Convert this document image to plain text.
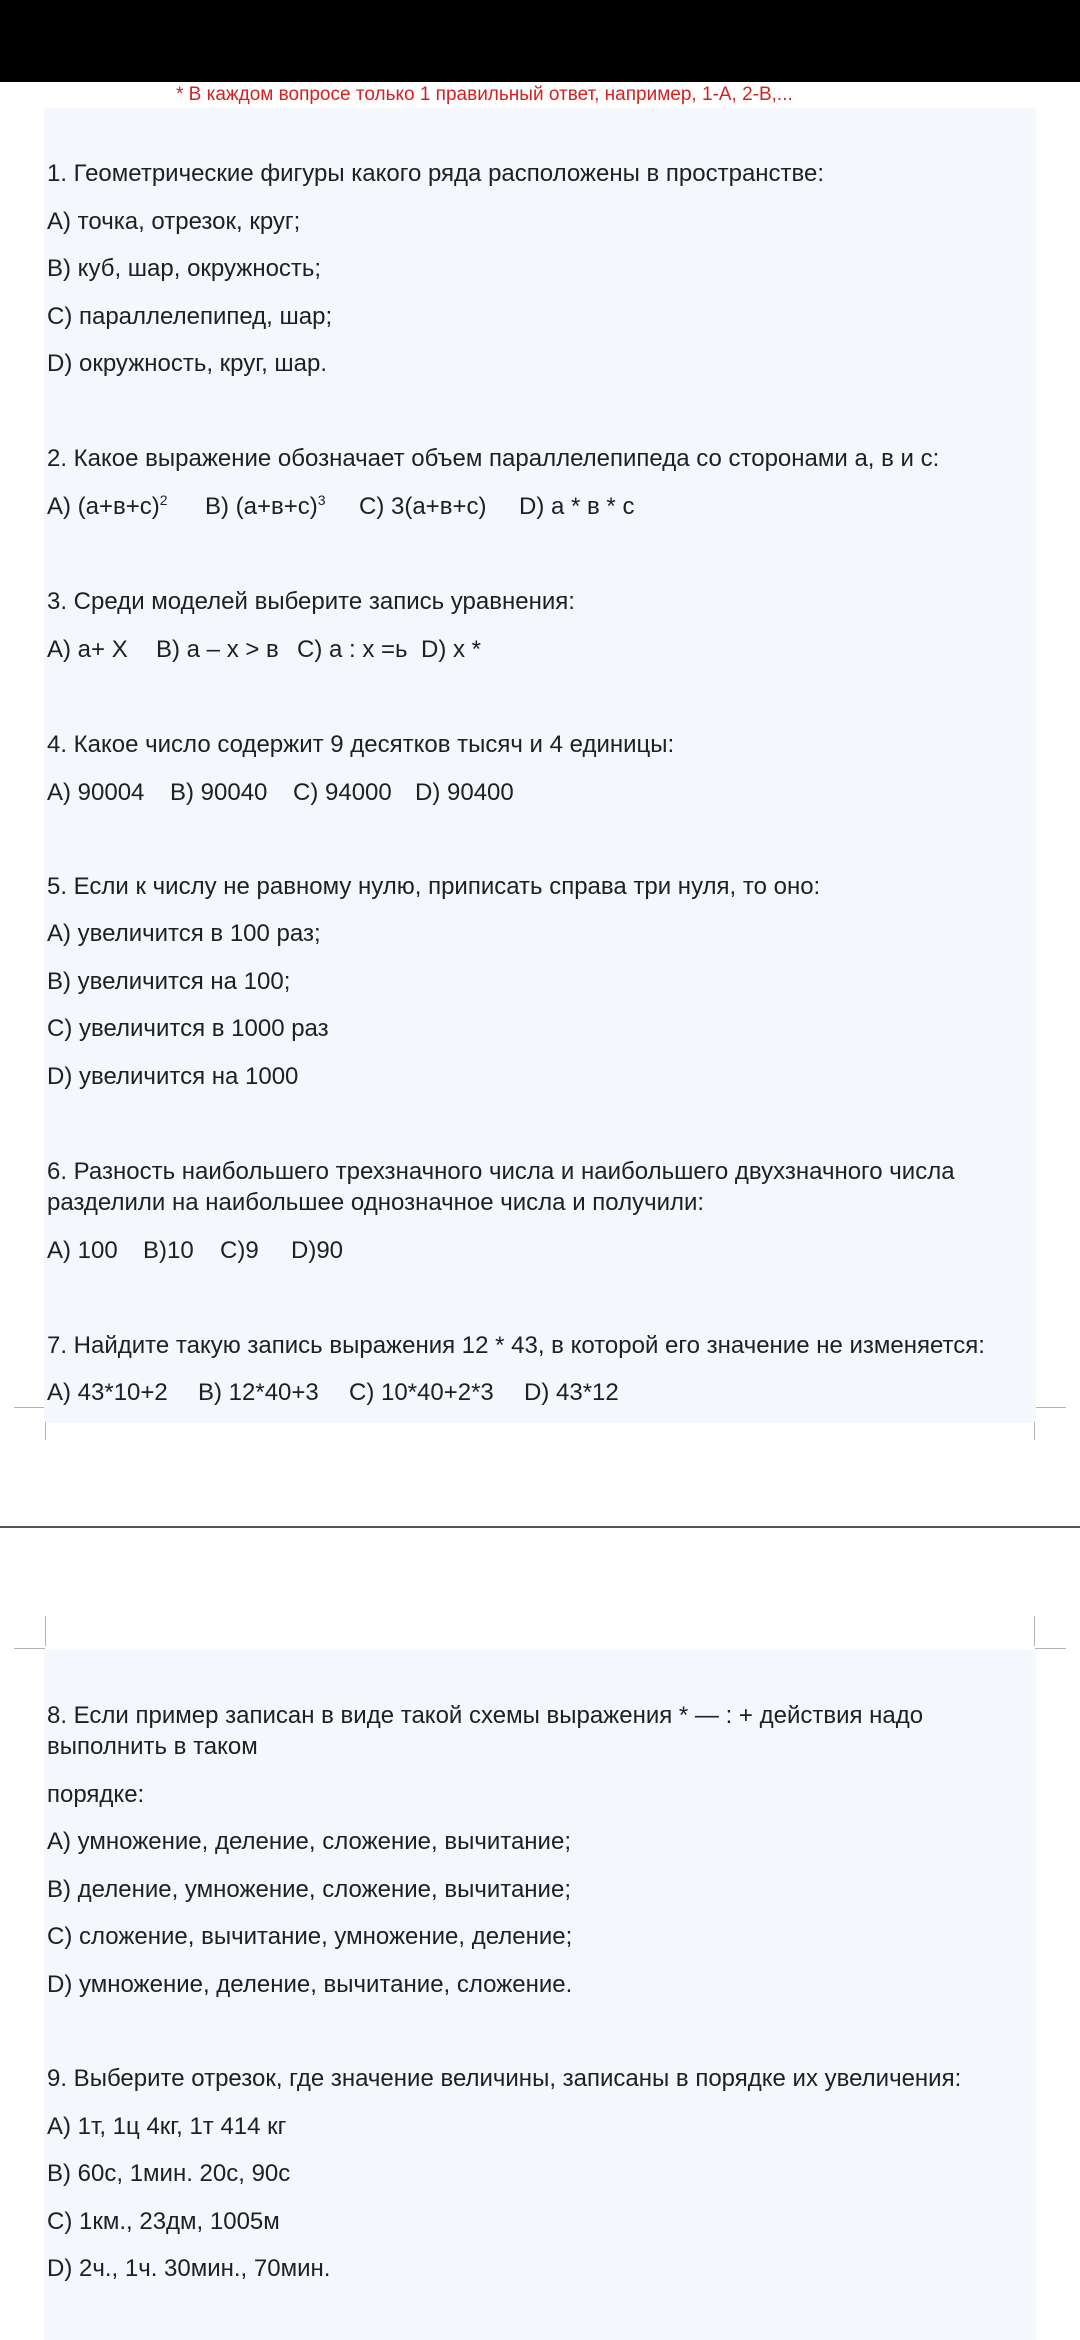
* В каждом вопросе только 1 правильный ответ, например, 1-A, 2-B,...
1. Геометрические фигуры какого ряда расположены в пространстве:
A) точка, отрезок, круг;
B) куб, шар, окружность;
C) параллелепипед, шар;
D) окружность, круг, шар.
2. Какое выражение обозначает объем параллелепипеда со сторонами а, в и с:
A) $(а+в+с)^2$ B) $(а+в+с)^3$ C) 3(а+в+с) D) а * в * с
3. Среди моделей выберите запись уравнения:
A) а+ Х B) а – х > в C) а : х =ь D) х *
4. Какое число содержит 9 десятков тысяч и 4 единицы:
A) 90004 B) 90040 C) 94000 D) 90400
5. Если к числу не равному нулю, приписать справа три нуля, то оно:
A) увеличится в 100 раз;
B) увеличится на 100;
C) увеличится в 1000 раз
D) увеличится на 1000
6. Разность наибольшего трехзначного числа и наибольшего двухзначного числа разделили на наибольшее однозначное числа и получили:
A) 100 B)10 C)9 D)90
7. Найдите такую запись выражения 12 * 43, в которой его значение не изменяется:
A) 43*10+2 B) 12*40+3 C) 10*40+2*3 D) 43*12
8. Если пример записан в виде такой схемы выражения * — : + действия надо выполнить в таком
порядке:
A) умножение, деление, сложение, вычитание;
B) деление, умножение, сложение, вычитание;
C) сложение, вычитание, умножение, деление;
D) умножение, деление, вычитание, сложение.
9. Выберите отрезок, где значение величины, записаны в порядке их увеличения:
A) 1т, 1ц 4кг, 1т 414 кг
B) 60с, 1мин. 20с, 90с
C) 1км., 23дм, 1005м
D) 2ч., 1ч. 30мин., 70мин.
